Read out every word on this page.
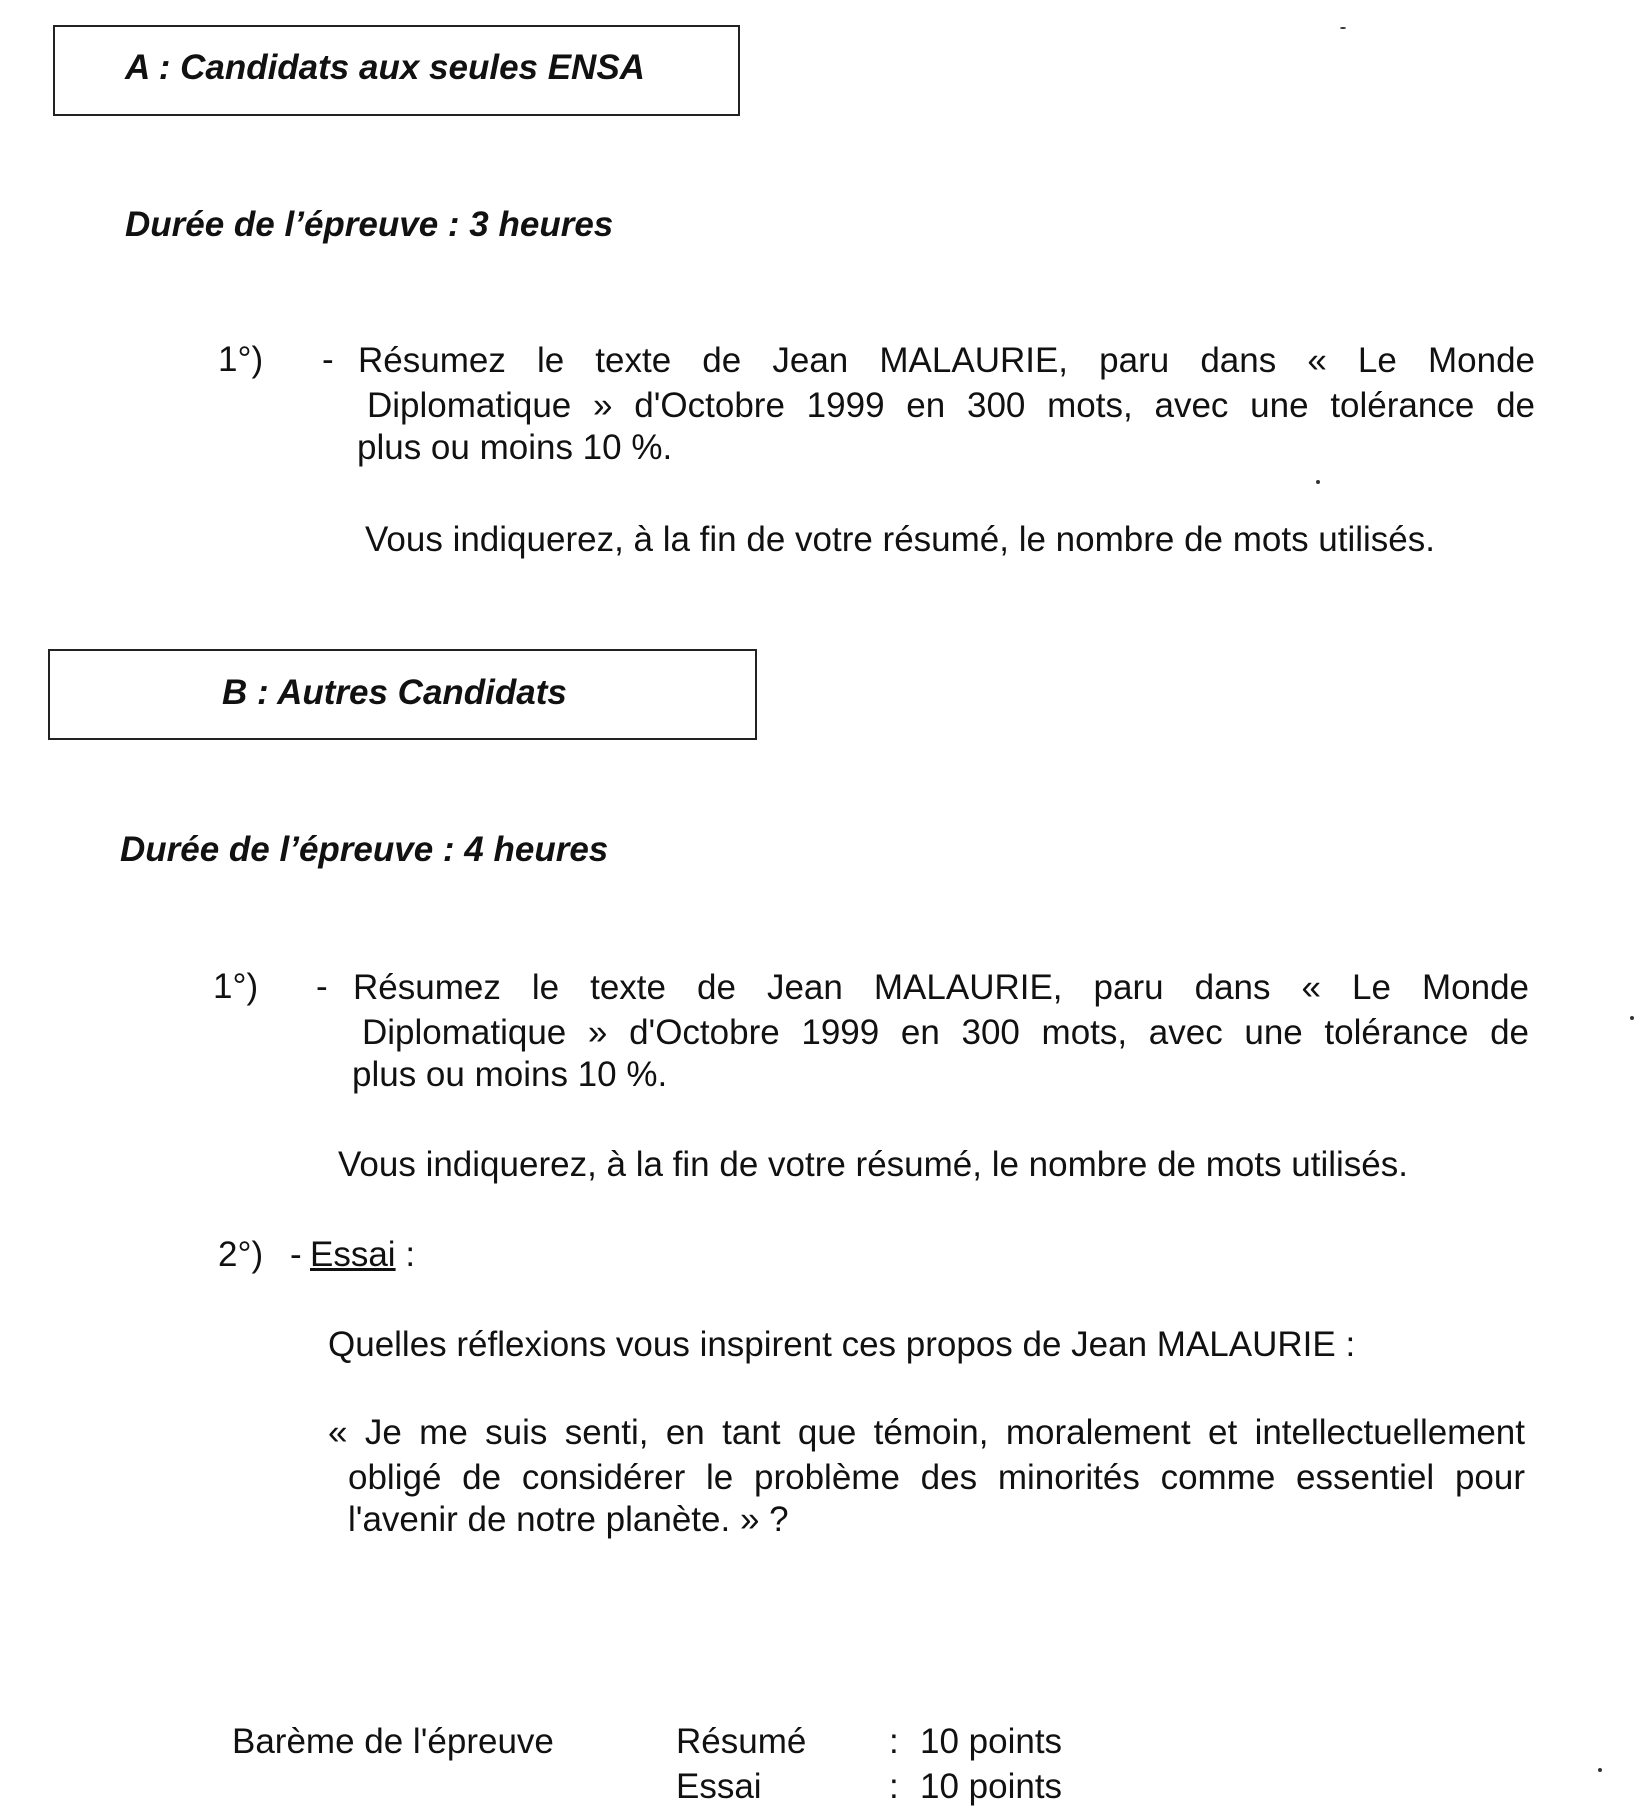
A : Candidats aux seules ENSA
Durée de l’épreuve : 3 heures
1°) - Résumez le texte de Jean MALAURIE, paru dans « Le Monde
Diplomatique » d'Octobre 1999 en 300 mots, avec une tolérance de
plus ou moins 10 %.
Vous indiquerez, à la fin de votre résumé, le nombre de mots utilisés.
B : Autres Candidats
Durée de l’épreuve : 4 heures
1°) - Résumez le texte de Jean MALAURIE, paru dans « Le Monde
Diplomatique » d'Octobre 1999 en 300 mots, avec une tolérance de
plus ou moins 10 %.
Vous indiquerez, à la fin de votre résumé, le nombre de mots utilisés.
2°) - Essai :
Quelles réflexions vous inspirent ces propos de Jean MALAURIE :
« Je me suis senti, en tant que témoin, moralement et intellectuellement
obligé de considérer le problème des minorités comme essentiel pour
l'avenir de notre planète. » ?
Barème de l'épreuve	Résumé : 10 points
Essai	: 10 points
